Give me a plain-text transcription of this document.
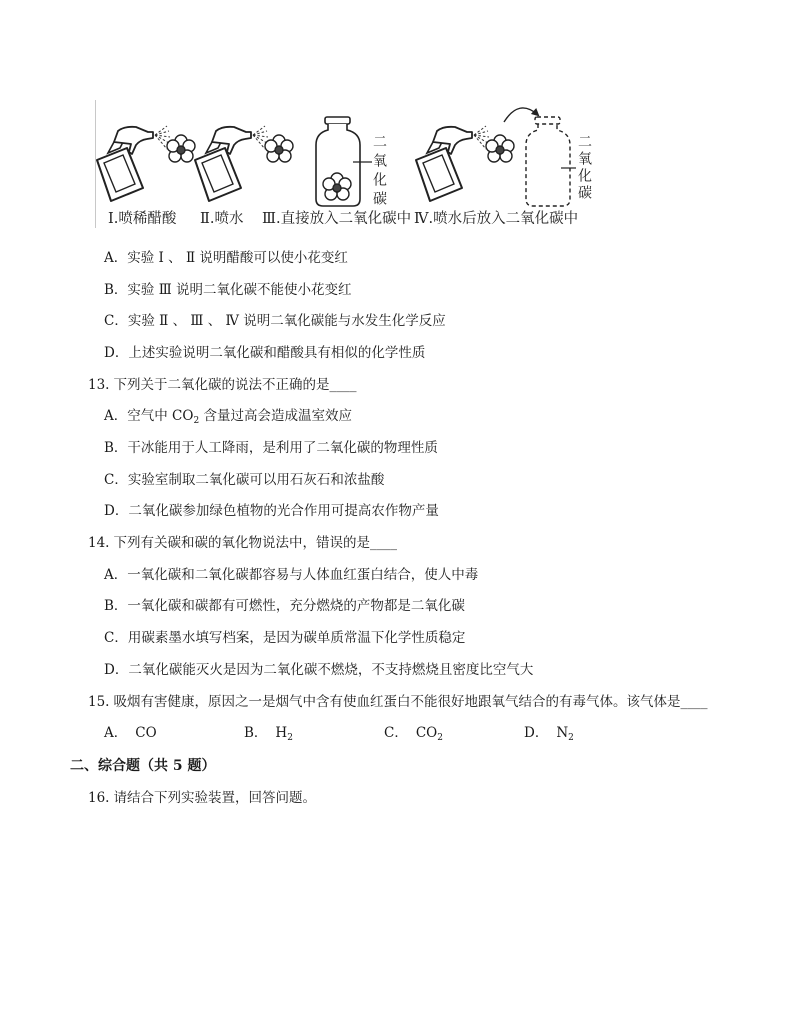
Ⅰ.喷稀醋酸 Ⅱ.喷水 Ⅲ.直接放入二氧化碳中 Ⅳ.喷水后放入二氧化碳中
二氧化碳	二氧化碳
A．实验 Ⅰ 、 Ⅱ 说明醋酸可以使小花变红
B．实验 Ⅲ 说明二氧化碳不能使小花变红
C．实验 Ⅱ 、 Ⅲ 、 Ⅳ 说明二氧化碳能与水发生化学反应
D．上述实验说明二氧化碳和醋酸具有相似的化学性质
13. 下列关于二氧化碳的说法不正确的是____
A．空气中 $CO_2$ 含量过高会造成温室效应
B．干冰能用于人工降雨，是利用了二氧化碳的物理性质
C．实验室制取二氧化碳可以用石灰石和浓盐酸
D．二氧化碳参加绿色植物的光合作用可提高农作物产量
14. 下列有关碳和碳的氧化物说法中，错误的是____
A．一氧化碳和二氧化碳都容易与人体血红蛋白结合，使人中毒
B．一氧化碳和碳都有可燃性，充分燃烧的产物都是二氧化碳
C．用碳素墨水填写档案，是因为碳单质常温下化学性质稳定
D．二氧化碳能灭火是因为二氧化碳不燃烧，不支持燃烧且密度比空气大
15. 吸烟有害健康，原因之一是烟气中含有使血红蛋白不能很好地跟氧气结合的有毒气体。该气体是____
A． CO	B． $H_2$	C． $CO_2$	D． $N_2$
二、综合题（共 5 题）
16. 请结合下列实验装置，回答问题。
